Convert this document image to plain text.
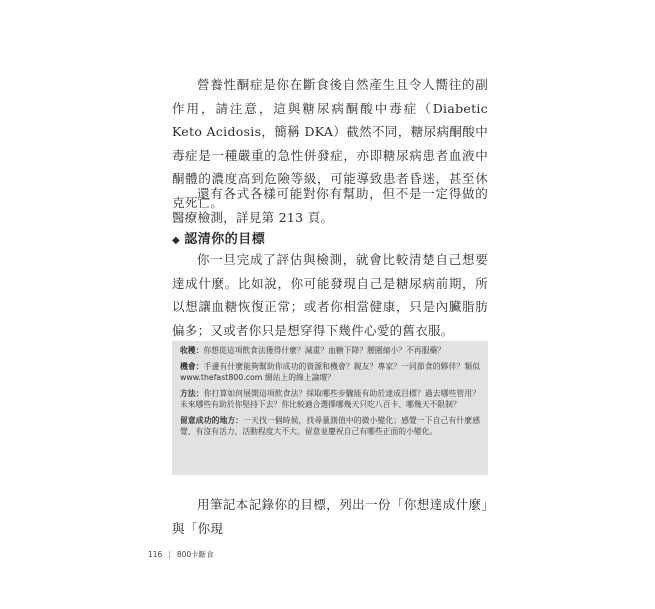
營養性酮症是你在斷食後自然產生且令人嚮往的副作用，請注意，這與糖尿病酮酸中毒症（Diabetic Keto Acidosis，簡稱 DKA）截然不同，糖尿病酮酸中毒症是一種嚴重的急性併發症，亦即糖尿病患者血液中酮體的濃度高到危險等級，可能導致患者昏迷，甚至休克死亡。

還有各式各樣可能對你有幫助，但不是一定得做的醫療檢測，詳見第 213 頁。

◆ 認清你的目標

你一旦完成了評估與檢測，就會比較清楚自己想要達成什麼。比如說，你可能發現自己是糖尿病前期，所以想讓血糖恢復正常；或者你相當健康，只是內臟脂肪偏多；又或者你只是想穿得下幾件心愛的舊衣服。

收穫：你想從這項飲食法獲得什麼？減重？血糖下降？腰圍縮小？不再服藥？
機會：手邊有什麼能夠幫助你成功的資源和機會？親友？專家？一同節食的夥伴？類似 www.thefast800.com 網站上的線上論壇？
方法：你打算如何展開這項飲食法？採取哪些步驟能有助於達成目標？過去哪些管用？未來哪些有助於你堅持下去？你比較適合選擇哪幾天只吃八百卡、哪幾天不限制？
留意成功的地方：一天找一個時候，找尋量測值中的微小變化；感覺一下自己有什麼感覺、有沒有活力，活動程度大不大。留意並慶祝自己有哪些正面的小變化。

用筆記本記錄你的目標，列出一份「你想達成什麼」與「你現

116 | 800卡斷食
